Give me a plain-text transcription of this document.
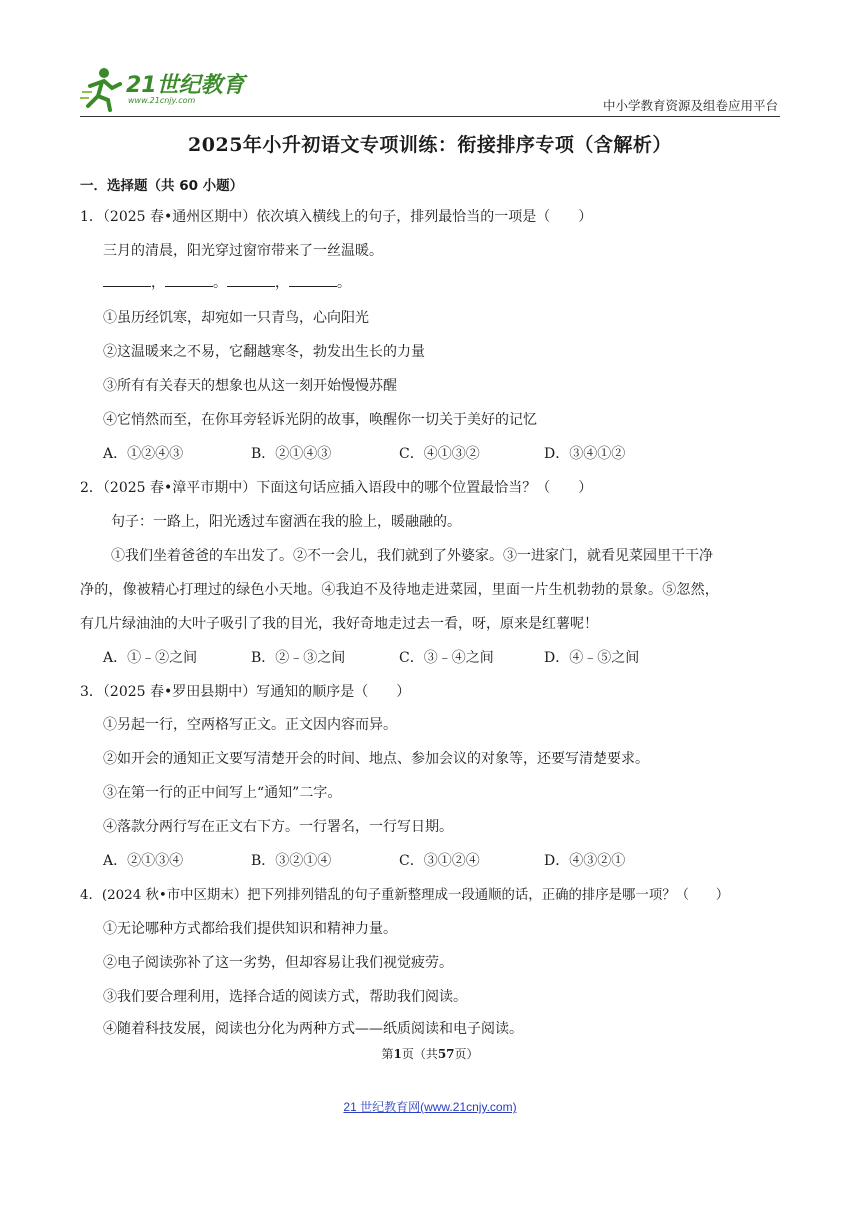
21世纪教育
www.21cnjy.com	中小学教育资源及组卷应用平台
2025年小升初语文专项训练：衔接排序专项（含解析）
一．选择题（共 60 小题）
1．（2025 春•通州区期中）依次填入横线上的句子，排列最恰当的一项是（　　）
三月的清晨，阳光穿过窗帘带来了一丝温暖。
，	。	，	。
①虽历经饥寒，却宛如一只青鸟，心向阳光
②这温暖来之不易，它翻越寒冬，勃发出生长的力量
③所有有关春天的想象也从这一刻开始慢慢苏醒
④它悄然而至，在你耳旁轻诉光阴的故事，唤醒你一切关于美好的记忆
A．①②④③	B．②①④③	C．④①③②	D．③④①②
2．（2025 春•漳平市期中）下面这句话应插入语段中的哪个位置最恰当？（　　）
句子：一路上，阳光透过车窗洒在我的脸上，暖融融的。
①我们坐着爸爸的车出发了。②不一会儿，我们就到了外婆家。③一进家门，就看见菜园里干干净
净的，像被精心打理过的绿色小天地。④我迫不及待地走进菜园，里面一片生机勃勃的景象。⑤忽然，
有几片绿油油的大叶子吸引了我的目光，我好奇地走过去一看，呀，原来是红薯呢！
A．①﹣②之间	B．②﹣③之间	C．③﹣④之间	D．④﹣⑤之间
3．（2025 春•罗田县期中）写通知的顺序是（　　）
①另起一行，空两格写正文。正文因内容而异。
②如开会的通知正文要写清楚开会的时间、地点、参加会议的对象等，还要写清楚要求。
③在第一行的正中间写上“通知”二字。
④落款分两行写在正文右下方。一行署名，一行写日期。
A．②①③④	B．③②①④	C．③①②④	D．④③②①
4．(2024 秋•市中区期末）把下列排列错乱的句子重新整理成一段通顺的话，正确的排序是哪一项？（　　）
①无论哪种方式都给我们提供知识和精神力量。
②电子阅读弥补了这一劣势，但却容易让我们视觉疲劳。
③我们要合理利用，选择合适的阅读方式，帮助我们阅读。
④随着科技发展，阅读也分化为两种方式——纸质阅读和电子阅读。
第1页（共57页）
21 世纪教育网(www.21cnjy.com)
